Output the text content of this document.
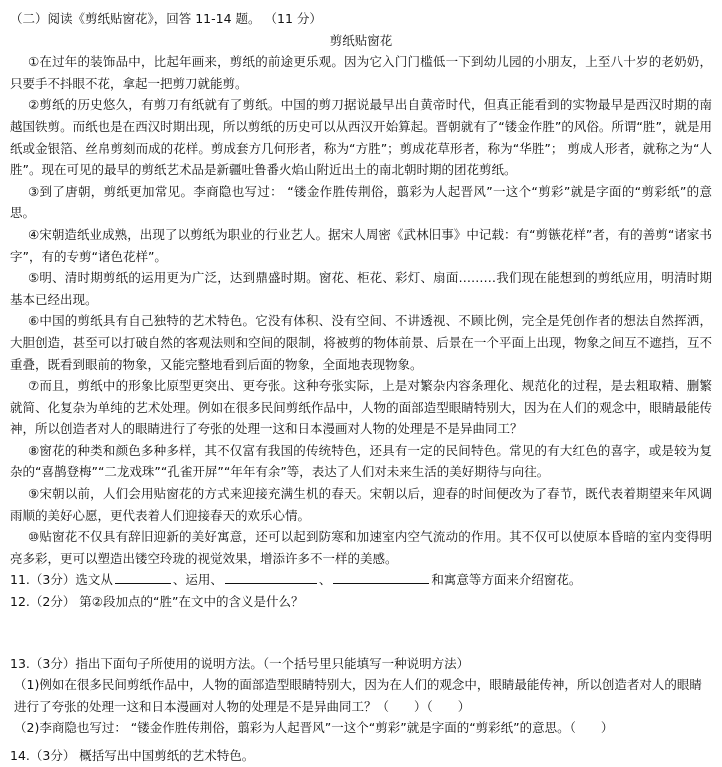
（二）阅读《剪纸贴窗花》，回答 11-14 题。 （11 分）

剪纸贴窗花

①在过年的装饰品中，比起年画来，剪纸的前途更乐观。因为它入门门槛低一下到幼儿园的小朋友，上至八十岁的老奶奶，只要手不抖眼不花，拿起一把剪刀就能剪。

②剪纸的历史悠久，有剪刀有纸就有了剪纸。中国的剪刀据说最早出自黄帝时代，但真正能看到的实物最早是西汉时期的南越国铁剪。而纸也是在西汉时期出现，所以剪纸的历史可以从西汉开始算起。晋朝就有了“镂金作胜”的风俗。所谓“胜”，就是用纸或金银箔、丝帛剪刻而成的花样。剪成套方几何形者，称为“方胜”；剪成花草形者，称为“华胜”； 剪成人形者，就称之为“人胜”。现在可见的最早的剪纸艺术品是新疆吐鲁番火焰山附近出土的南北朝时期的团花剪纸。

③到了唐朝，剪纸更加常见。李商隐也写过： “镂金作胜传荆俗，翦彩为人起晋风”一这个“剪彩”就是字面的“剪彩纸”的意思。

④宋朝造纸业成熟，出现了以剪纸为职业的行业艺人。据宋人周密《武林旧事》中记载：有“剪镞花样”者，有的善剪“诸家书字”，有的专剪“诸色花样”。

⑤明、清时期剪纸的运用更为广泛，达到鼎盛时期。窗花、柜花、彩灯、扇面………我们现在能想到的剪纸应用，明清时期基本已经出现。

⑥中国的剪纸具有自己独特的艺术特色。它没有体积、没有空间、不讲透视、不顾比例，完全是凭创作者的想法自然挥洒，大胆创造，甚至可以打破自然的客观法则和空间的限制，将被剪的物体前景、后景在一个平面上出现，物象之间互不遮挡，互不重叠，既看到眼前的物象，又能完整地看到后面的物象，全面地表现物象。

⑦而且，剪纸中的形象比原型更突出、更夸张。这种夸张实际，上是对繁杂内容条理化、规范化的过程，是去粗取精、删繁就简、化复杂为单纯的艺术处理。例如在很多民间剪纸作品中，人物的面部造型眼睛特别大，因为在人们的观念中，眼睛最能传神，所以创造者对人的眼睛进行了夸张的处理一这和日本漫画对人物的处理是不是异曲同工？

⑧窗花的种类和颜色多种多样，其不仅富有我国的传统特色，还具有一定的民间特色。常见的有大红色的喜字，或是较为复杂的“喜鹊登梅”“二龙戏珠”“孔雀开屏”“年年有余”等，表达了人们对未来生活的美好期待与向往。

⑨宋朝以前，人们会用贴窗花的方式来迎接充满生机的春天。宋朝以后，迎春的时间便改为了春节，既代表着期望来年风调雨顺的美好心愿，更代表着人们迎接春天的欢乐心情。

⑩贴窗花不仅具有辞旧迎新的美好寓意，还可以起到防寒和加速室内空气流动的作用。其不仅可以使原本昏暗的室内变得明亮多彩，更可以塑造出镂空玲珑的视觉效果，增添许多不一样的美感。

11.（3分）选文从	、运用、	、	和寓意等方面来介绍窗花。

12.（2分） 第②段加点的“胜”在文中的含义是什么？

13.（3分）指出下面句子所使用的说明方法。（一个括号里只能填写一种说明方法）

（1)例如在很多民间剪纸作品中，人物的面部造型眼睛特别大，因为在人们的观念中，眼睛最能传神，所以创造者对人的眼睛进行了夸张的处理一这和日本漫画对人物的处理是不是异曲同工？（　　）（　　）

（2)李商隐也写过： “镂金作胜传荆俗，翦彩为人起晋风”一这个“剪彩”就是字面的“剪彩纸”的意思。（　　）

14.（3分） 概括写出中国剪纸的艺术特色。
